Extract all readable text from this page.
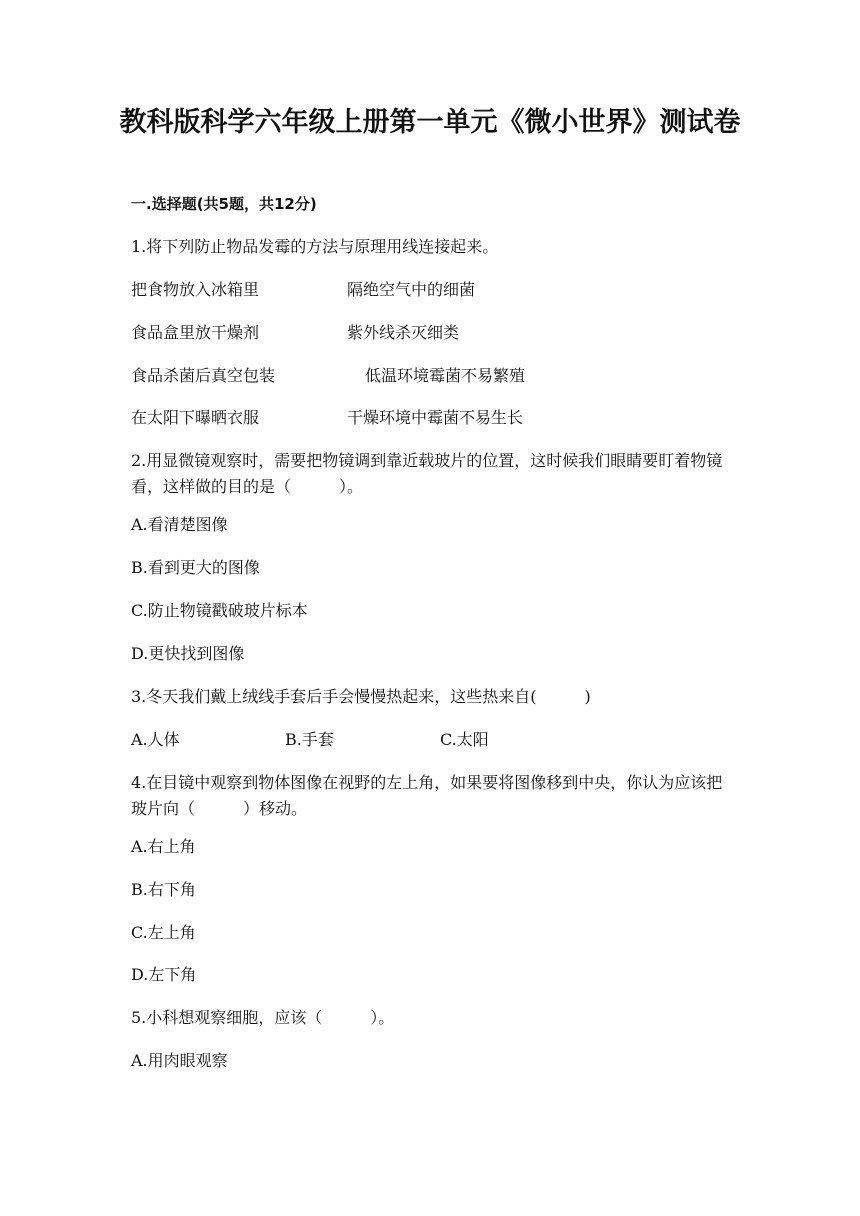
教科版科学六年级上册第一单元《微小世界》测试卷
一.选择题(共5题，共12分)
1.将下列防止物品发霉的方法与原理用线连接起来。
把食物放入冰箱里	隔绝空气中的细菌
食品盒里放干燥剂	紫外线杀灭细类
食品杀菌后真空包装	低温环境霉菌不易繁殖
在太阳下曝晒衣服	干燥环境中霉菌不易生长
2.用显微镜观察时，需要把物镜调到靠近载玻片的位置，这时候我们眼睛要盯着物镜看，这样做的目的是（　　　）。
A.看清楚图像
B.看到更大的图像
C.防止物镜戳破玻片标本
D.更快找到图像
3.冬天我们戴上绒线手套后手会慢慢热起来，这些热来自(　　　)
A.人体	B.手套	C.太阳
4.在目镜中观察到物体图像在视野的左上角，如果要将图像移到中央，你认为应该把玻片向（　　　）移动。
A.右上角
B.右下角
C.左上角
D.左下角
5.小科想观察细胞，应该（　　　）。
A.用肉眼观察
